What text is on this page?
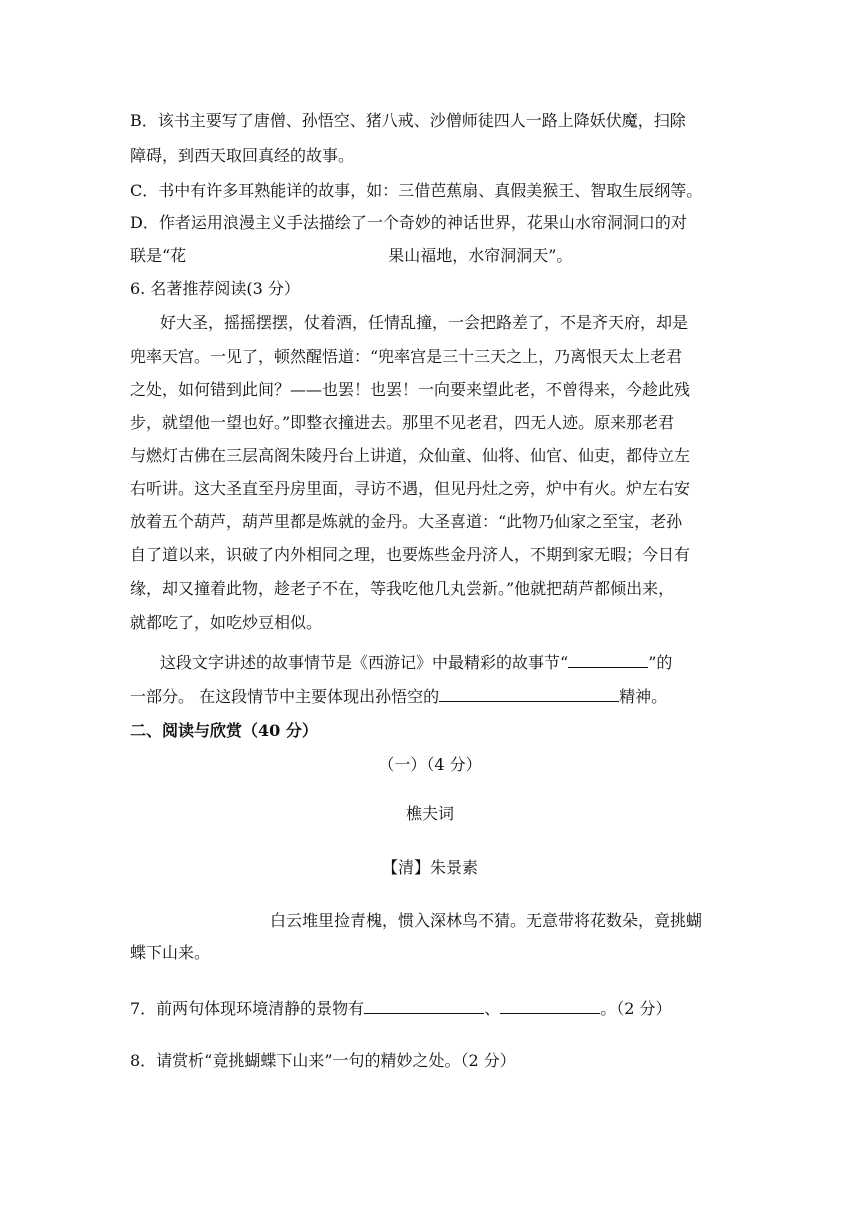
B．该书主要写了唐僧、孙悟空、猪八戒、沙僧师徒四人一路上降妖伏魔，扫除
障碍，到西天取回真经的故事。
C．书中有许多耳熟能详的故事，如：三借芭蕉扇、真假美猴王、智取生辰纲等。
D．作者运用浪漫主义手法描绘了一个奇妙的神话世界，花果山水帘洞洞口的对
联是“花	果山福地，水帘洞洞天”。
6. 名著推荐阅读(3 分）
好大圣，摇摇摆摆，仗着酒，任情乱撞，一会把路差了，不是齐天府，却是
兜率天宫。一见了，顿然醒悟道：“兜率宫是三十三天之上，乃离恨天太上老君
之处，如何错到此间？——也罢！也罢！一向要来望此老，不曾得来，今趁此残
步，就望他一望也好。”即整衣撞进去。那里不见老君，四无人迹。原来那老君
与燃灯古佛在三层高阁朱陵丹台上讲道，众仙童、仙将、仙官、仙吏，都侍立左
右听讲。这大圣直至丹房里面，寻访不遇，但见丹灶之旁，炉中有火。炉左右安
放着五个葫芦，葫芦里都是炼就的金丹。大圣喜道：“此物乃仙家之至宝，老孙
自了道以来，识破了内外相同之理，也要炼些金丹济人，不期到家无暇；今日有
缘，却又撞着此物，趁老子不在，等我吃他几丸尝新。”他就把葫芦都倾出来，
就都吃了，如吃炒豆相似。
这段文字讲述的故事情节是《西游记》中最精彩的故事节“	”的
一部分。 在这段情节中主要体现出孙悟空的	精神。
二、阅读与欣赏（40 分）
（一）（4 分）
樵夫词
【清】朱景素
白云堆里捡青槐，惯入深林鸟不猜。无意带将花数朵，竟挑蝴
蝶下山来。
7．前两句体现环境清静的景物有	、	。（2 分）
8．请赏析“竟挑蝴蝶下山来”一句的精妙之处。（2 分）
